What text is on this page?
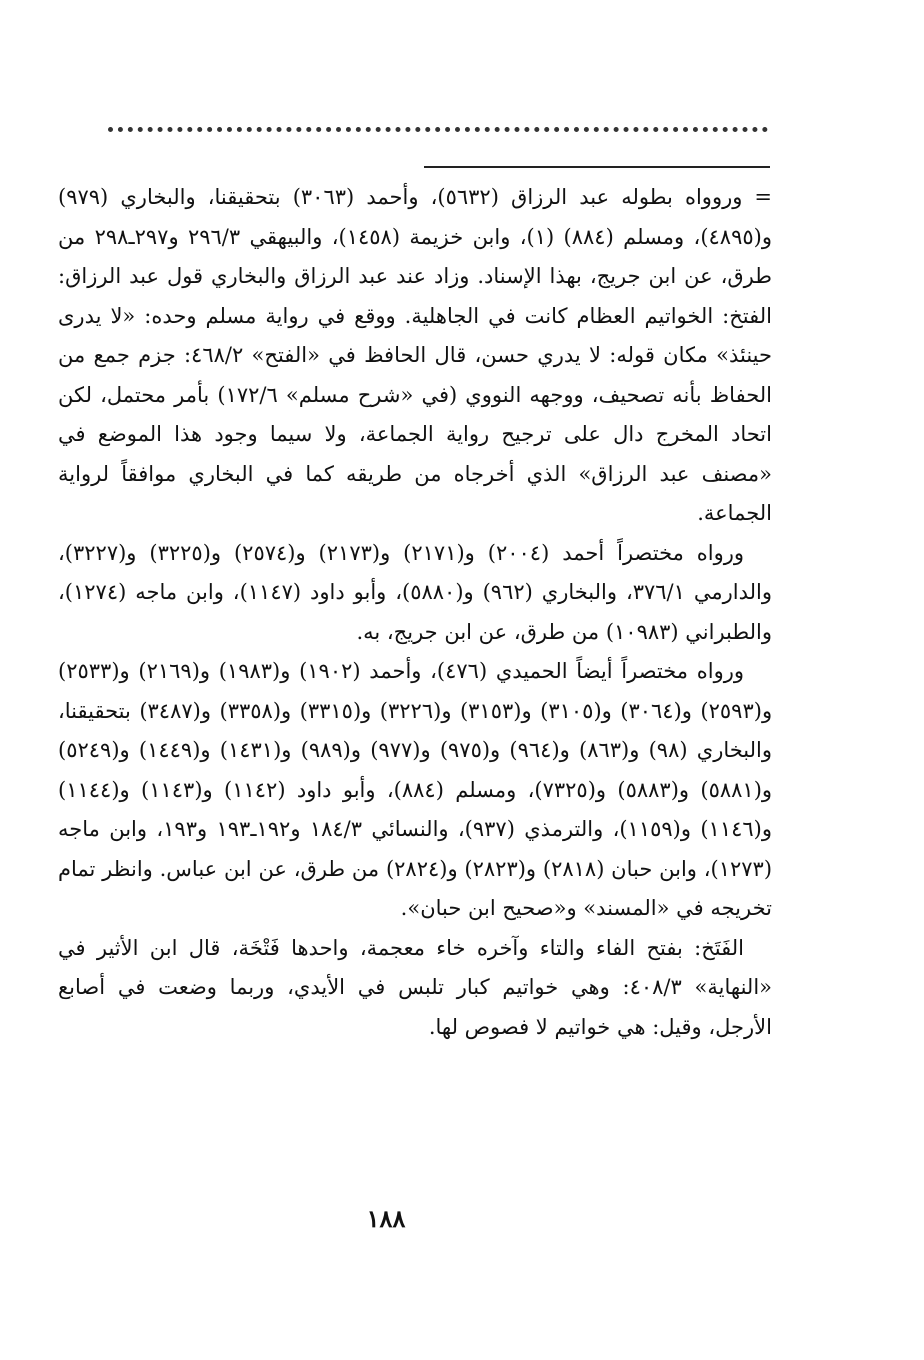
=وروواه بطوله عبد الرزاق (٥٦٣٢)، وأحمد (٣٠٦٣) بتحقيقنا، والبخاري (٩٧٩) و(٤٨٩٥)، ومسلم (٨٨٤) (١)، وابن خزيمة (١٤٥٨)، والبيهقي ٢٩٦/٣ و٢٩٧ـ٢٩٨ من طرق، عن ابن جريج، بهذا الإسناد. وزاد عند عبد الرزاق والبخاري قول عبد الرزاق: الفتخ: الخواتيم العظام كانت في الجاهلية. ووقع في رواية مسلم وحده: «لا يدرى حينئذ» مكان قوله: لا يدري حسن، قال الحافظ في «الفتح» ٤٦٨/٢: جزم جمع من الحفاظ بأنه تصحيف، ووجهه النووي (في «شرح مسلم» ١٧٢/٦) بأمر محتمل، لكن اتحاد المخرج دال على ترجيح رواية الجماعة، ولا سيما وجود هذا الموضع في «مصنف عبد الرزاق» الذي أخرجاه من طريقه كما في البخاري موافقاً لرواية الجماعة.

ورواه مختصراً أحمد (٢٠٠٤) و(٢١٧١) و(٢١٧٣) و(٢٥٧٤) و(٣٢٢٥) و(٣٢٢٧)، والدارمي ٣٧٦/١، والبخاري (٩٦٢) و(٥٨٨٠)، وأبو داود (١١٤٧)، وابن ماجه (١٢٧٤)، والطبراني (١٠٩٨٣) من طرق، عن ابن جريج، به.

ورواه مختصراً أيضاً الحميدي (٤٧٦)، وأحمد (١٩٠٢) و(١٩٨٣) و(٢١٦٩) و(٢٥٣٣) و(٢٥٩٣) و(٣٠٦٤) و(٣١٠٥) و(٣١٥٣) و(٣٢٢٦) و(٣٣١٥) و(٣٣٥٨) و(٣٤٨٧) بتحقيقنا، والبخاري (٩٨) و(٨٦٣) و(٩٦٤) و(٩٧٥) و(٩٧٧) و(٩٨٩) و(١٤٣١) و(١٤٤٩) و(٥٢٤٩) و(٥٨٨١) و(٥٨٨٣) و(٧٣٢٥)، ومسلم (٨٨٤)، وأبو داود (١١٤٢) و(١١٤٣) و(١١٤٤) و(١١٤٦) و(١١٥٩)، والترمذي (٩٣٧)، والنسائي ١٨٤/٣ و١٩٢ـ١٩٣ و١٩٣، وابن ماجه (١٢٧٣)، وابن حبان (٢٨١٨) و(٢٨٢٣) و(٢٨٢٤) من طرق، عن ابن عباس. وانظر تمام تخريجه في «المسند» و«صحيح ابن حبان».

الفَتَخ: بفتح الفاء والتاء وآخره خاء معجمة، واحدها فَتْخَة، قال ابن الأثير في «النهاية» ٤٠٨/٣: وهي خواتيم كبار تلبس في الأيدي، وربما وضعت في أصابع الأرجل، وقيل: هي خواتيم لا فصوص لها.

١٨٨
